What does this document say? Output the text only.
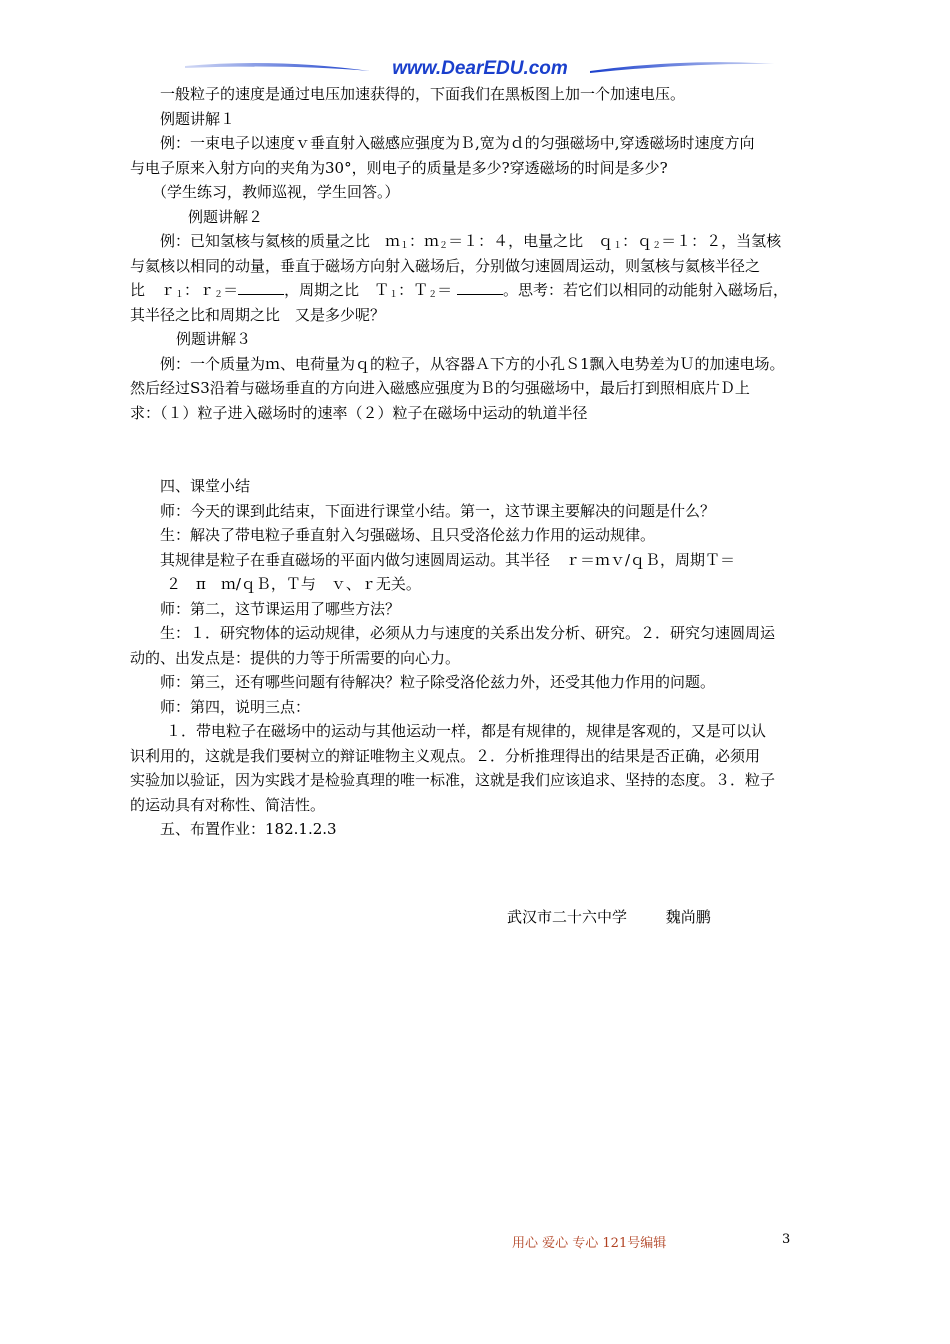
www.DearEDU.com

一般粒子的速度是通过电压加速获得的，下面我们在黑板图上加一个加速电压。

例题讲解１

例：一束电子以速度ｖ垂直射入磁感应强度为Ｂ,宽为ｄ的匀强磁场中,穿透磁场时速度方向

与电子原来入射方向的夹角为30°，则电子的质量是多少?穿透磁场的时间是多少?

（学生练习，教师巡视，学生回答。）

例题讲解２

例：已知氢核与氦核的质量之比　ｍ$_1$：ｍ$_2$＝１：４，电量之比　ｑ$_1$：ｑ$_2$＝１：２，当氢核

与氦核以相同的动量，垂直于磁场方向射入磁场后，分别做匀速圆周运动，则氢核与氦核半径之

比　ｒ$_1$：ｒ$_2$＝	，周期之比　Ｔ$_1$：Ｔ$_2$＝	。思考：若它们以相同的动能射入磁场后，

其半径之比和周期之比　又是多少呢？

例题讲解３

例：一个质量为ｍ、电荷量为ｑ的粒子，从容器Ａ下方的小孔Ｓ1飘入电势差为Ｕ的加速电场。

然后经过S3沿着与磁场垂直的方向进入磁感应强度为Ｂ的匀强磁场中，最后打到照相底片Ｄ上

求：（１）粒子进入磁场时的速率（２）粒子在磁场中运动的轨道半径

四、课堂小结

师：今天的课到此结束，下面进行课堂小结。第一，这节课主要解决的问题是什么？

生：解决了带电粒子垂直射入匀强磁场、且只受洛伦兹力作用的运动规律。

其规律是粒子在垂直磁场的平面内做匀速圆周运动。其半径　ｒ＝ｍｖ/ｑＢ，周期Ｔ＝

２　π　ｍ/ｑＢ，Ｔ与　ｖ、ｒ无关。

师：第二，这节课运用了哪些方法？

生：１．研究物体的运动规律，必须从力与速度的关系出发分析、研究。２．研究匀速圆周运

动的、出发点是：提供的力等于所需要的向心力。

师：第三，还有哪些问题有待解决？粒子除受洛伦兹力外，还受其他力作用的问题。

师：第四，说明三点：

１．带电粒子在磁场中的运动与其他运动一样，都是有规律的，规律是客观的，又是可以认

识利用的，这就是我们要树立的辩证唯物主义观点。２．分析推理得出的结果是否正确，必须用

实验加以验证，因为实践才是检验真理的唯一标准，这就是我们应该追求、坚持的态度。３．粒子

的运动具有对称性、简洁性。

五、布置作业：182.1.2.3

武汉市二十六中学	魏尚鹏
用心 爱心 专心 121号编辑	3
